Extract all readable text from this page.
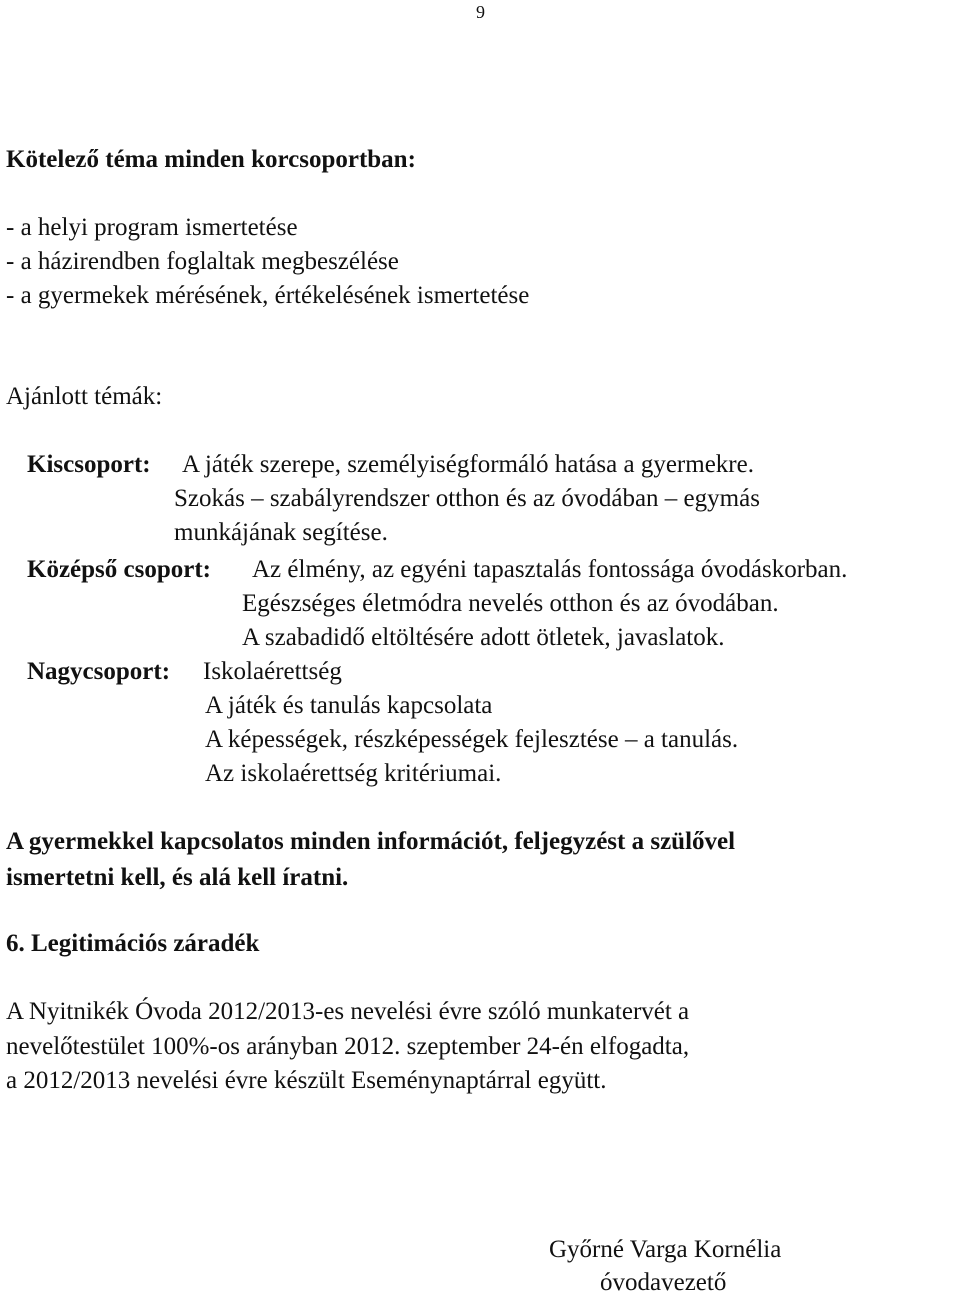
9
Kötelező téma minden korcsoportban:
- a helyi program ismertetése
- a házirendben foglaltak megbeszélése
- a gyermekek mérésének, értékelésének ismertetése
Ajánlott témák:
Kiscsoport: A játék szerepe, személyiségformáló hatása a gyermekre.
Szokás – szabályrendszer otthon és az óvodában – egymás
munkájának segítése.
Középső csoport: Az élmény, az egyéni tapasztalás fontossága óvodáskorban.
Egészséges életmódra nevelés otthon és az óvodában.
A szabadidő eltöltésére adott ötletek, javaslatok.
Nagycsoport: Iskolaérettség
A játék és tanulás kapcsolata
A képességek, részképességek fejlesztése – a tanulás.
Az iskolaérettség kritériumai.
A gyermekkel kapcsolatos minden információt, feljegyzést a szülővel
ismertetni kell, és alá kell íratni.
6. Legitimációs záradék
A Nyitnikék Óvoda 2012/2013-es nevelési évre szóló munkatervét a
nevelőtestület 100%-os arányban 2012. szeptember 24-én elfogadta,
a 2012/2013 nevelési évre készült Eseménynaptárral együtt.
Győrné Varga Kornélia
óvodavezető
